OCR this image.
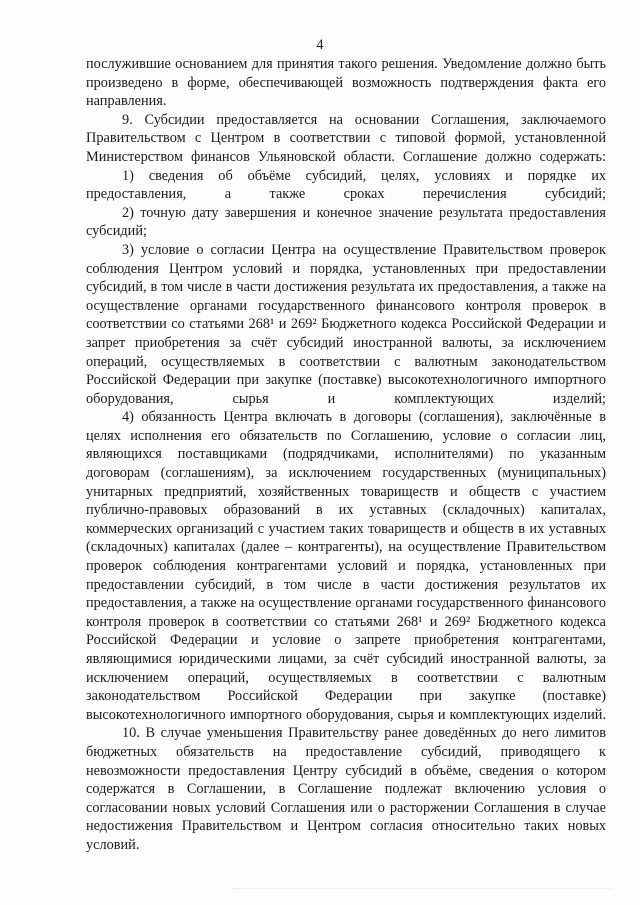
4

послужившие основанием для принятия такого решения. Уведомление должно быть произведено в форме, обеспечивающей возможность подтверждения факта его направления.

9. Субсидии предоставляется на основании Соглашения, заключаемого Правительством с Центром в соответствии с типовой формой, установленной Министерством финансов Ульяновской области. Соглашение должно содержать:

1) сведения об объёме субсидий, целях, условиях и порядке их предоставления, а также сроках перечисления субсидий;

2) точную дату завершения и конечное значение результата предоставления субсидий;

3) условие о согласии Центра на осуществление Правительством проверок соблюдения Центром условий и порядка, установленных при предоставлении субсидий, в том числе в части достижения результата их предоставления, а также на осуществление органами государственного финансового контроля проверок в соответствии со статьями 268¹ и 269² Бюджетного кодекса Российской Федерации и запрет приобретения за счёт субсидий иностранной валюты, за исключением операций, осуществляемых в соответствии с валютным законодательством Российской Федерации при закупке (поставке) высокотехнологичного импортного оборудования,	сырья и комплектующих изделий;

4) обязанность Центра включать в договоры (соглашения), заключённые в целях исполнения его обязательств по Соглашению, условие о согласии лиц, являющихся поставщиками (подрядчиками, исполнителями) по указанным договорам (соглашениям), за исключением государственных (муниципальных) унитарных предприятий, хозяйственных товариществ и обществ с участием публично-правовых образований в их уставных (складочных) капиталах, коммерческих организаций с участием таких товариществ и обществ в их уставных (складочных) капиталах (далее – контрагенты), на осуществление Правительством проверок соблюдения контрагентами условий и порядка, установленных при предоставлении субсидий, в том числе в части достижения результатов их предоставления, а также на осуществление органами государственного финансового контроля проверок в соответствии со статьями 268¹ и 269² Бюджетного кодекса Российской Федерации и условие о запрете приобретения контрагентами, являющимися юридическими лицами, за счёт субсидий иностранной валюты, за исключением операций, осуществляемых в соответствии с валютным законодательством Российской Федерации при закупке (поставке) высокотехнологичного импортного оборудования, сырья и комплектующих изделий.

10. В случае уменьшения Правительству ранее доведённых до него лимитов бюджетных обязательств на предоставление субсидий, приводящего к невозможности предоставления Центру субсидий в объёме, сведения о котором содержатся в Соглашении, в Соглашение подлежат включению условия о согласовании новых условий Соглашения или о расторжении Соглашения в случае недостижения Правительством и Центром согласия относительно таких новых условий.
